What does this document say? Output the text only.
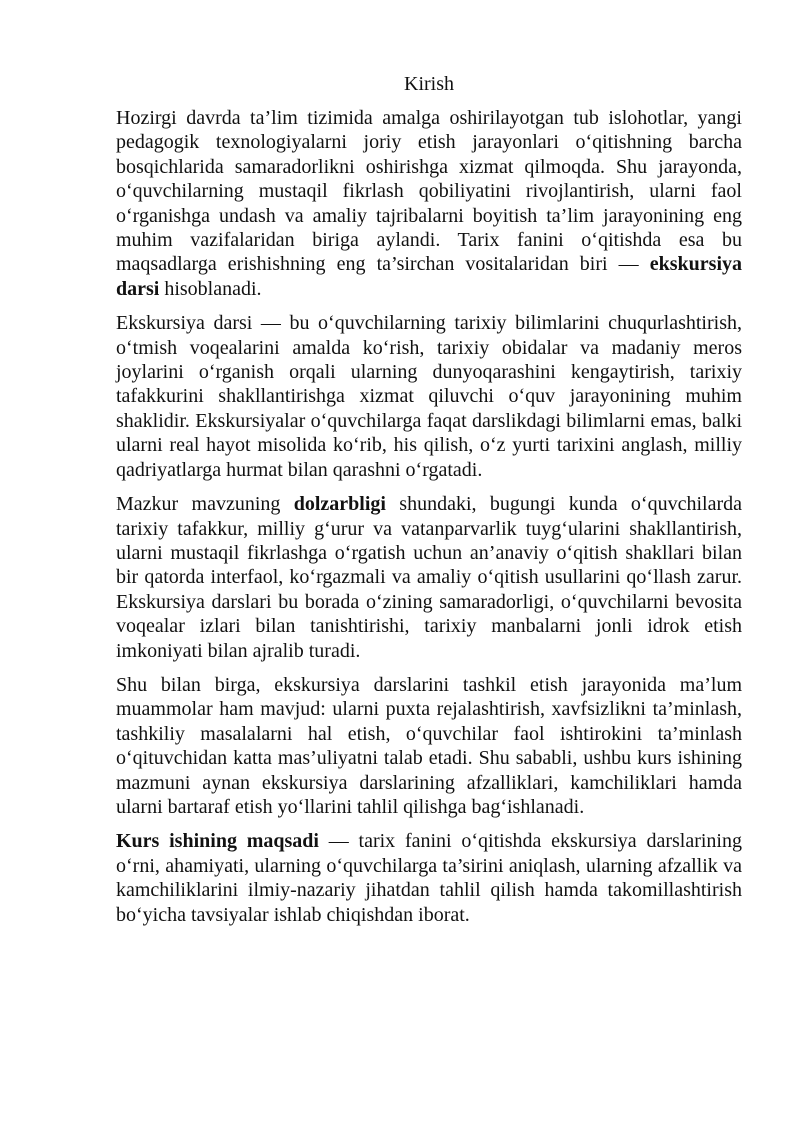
Kirish

Hozirgi davrda ta’lim tizimida amalga oshirilayotgan tub islohotlar, yangi pedagogik texnologiyalarni joriy etish jarayonlari o‘qitishning barcha bosqichlarida samaradorlikni oshirishga xizmat qilmoqda. Shu jarayonda, o‘quvchilarning mustaqil fikrlash qobiliyatini rivojlantirish, ularni faol o‘rganishga undash va amaliy tajribalarni boyitish ta’lim jarayonining eng muhim vazifalaridan biriga aylandi. Tarix fanini o‘qitishda esa bu maqsadlarga erishishning eng ta’sirchan vositalaridan biri — ekskursiya darsi hisoblanadi.

Ekskursiya darsi — bu o‘quvchilarning tarixiy bilimlarini chuqurlashtirish, o‘tmish voqealarini amalda ko‘rish, tarixiy obidalar va madaniy meros joylarini o‘rganish orqali ularning dunyoqarashini kengaytirish, tarixiy tafakkurini shakllantirishga xizmat qiluvchi o‘quv jarayonining muhim shaklidir. Ekskursiyalar o‘quvchilarga faqat darslikdagi bilimlarni emas, balki ularni real hayot misolida ko‘rib, his qilish, o‘z yurti tarixini anglash, milliy qadriyatlarga hurmat bilan qarashni o‘rgatadi.

Mazkur mavzuning dolzarbligi shundaki, bugungi kunda o‘quvchilarda tarixiy tafakkur, milliy g‘urur va vatanparvarlik tuyg‘ularini shakllantirish, ularni mustaqil fikrlashga o‘rgatish uchun an’anaviy o‘qitish shakllari bilan bir qatorda interfaol, ko‘rgazmali va amaliy o‘qitish usullarini qo‘llash zarur. Ekskursiya darslari bu borada o‘zining samaradorligi, o‘quvchilarni bevosita voqealar izlari bilan tanishtirishi, tarixiy manbalarni jonli idrok etish imkoniyati bilan ajralib turadi.

Shu bilan birga, ekskursiya darslarini tashkil etish jarayonida ma’lum muammolar ham mavjud: ularni puxta rejalashtirish, xavfsizlikni ta’minlash, tashkiliy masalalarni hal etish, o‘quvchilar faol ishtirokini ta’minlash o‘qituvchidan katta mas’uliyatni talab etadi. Shu sababli, ushbu kurs ishining mazmuni aynan ekskursiya darslarining afzalliklari, kamchiliklari hamda ularni bartaraf etish yo‘llarini tahlil qilishga bag‘ishlanadi.

Kurs ishining maqsadi — tarix fanini o‘qitishda ekskursiya darslarining o‘rni, ahamiyati, ularning o‘quvchilarga ta’sirini aniqlash, ularning afzallik va kamchiliklarini ilmiy-nazariy jihatdan tahlil qilish hamda takomillashtirish bo‘yicha tavsiyalar ishlab chiqishdan iborat.
